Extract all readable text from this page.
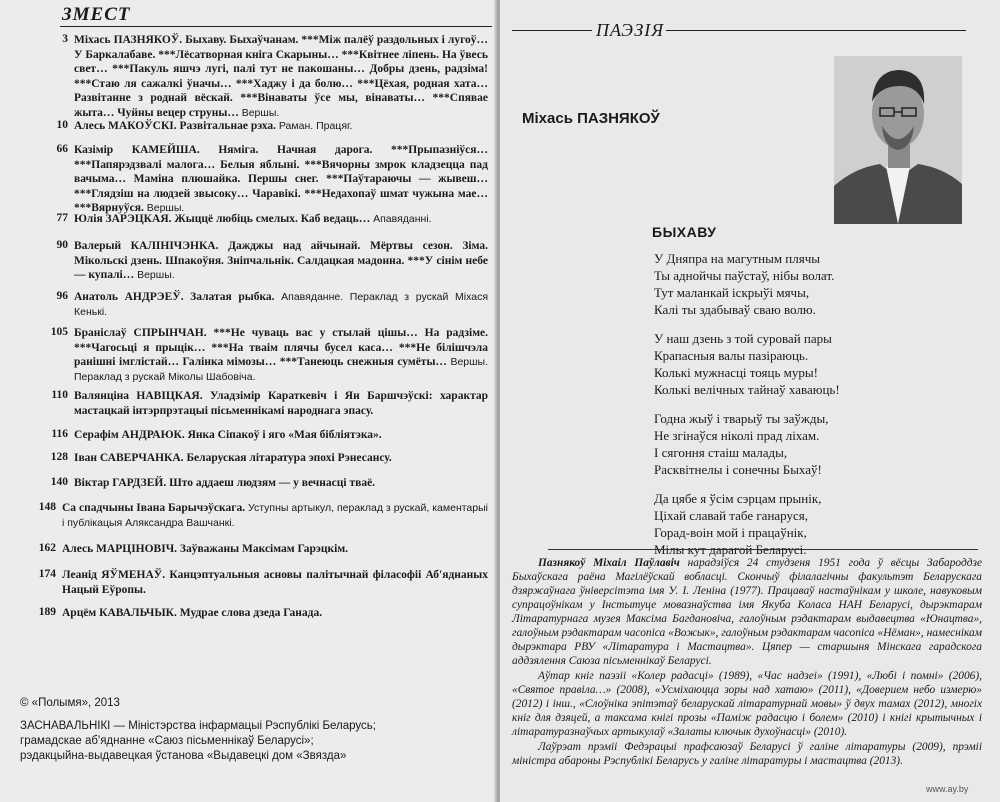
ЗМЕСТ
3 Міхась ПАЗНЯКОЎ. Быхаву. Быхаўчанам. ***Між палёў раздольных і лугоў… У Баркалабаве. ***Лёсатворная кніга Скарыны… ***Квітнее ліпень. На ўвесь свет… ***Пакуль яшчэ лугі, палі тут не пакошаны… Добры дзень, радзіма! ***Стаю ля сажалкі ўначы… ***Хаджу і да болю… ***Цёхая, родная хата… Развітанне з роднай вёскай. ***Вінаваты ўсе мы, вінаваты… ***Спявае жыта… Чуйны вецер струны… Вершы.
10 Алесь МАКОЎСКІ. Развітальнае рэха. Раман. Працяг.
66 Казімір КАМЕЙША. Няміга. Начная дарога. ***Прыпазніўся… ***Папярэдзвалі малога… Белыя яблыні. ***Вячорны змрок кладзецца пад вачыма… Маміна плюшайка. Першы снег. ***Паўтараючы — жывеш… ***Глядзіш на людзей звысоку… Чаравікі. ***Недахопаў шмат чужына мае… ***Вярнуўся. Вершы.
77 Юлія ЗАРЭЦКАЯ. Жыццё любіць смелых. Каб ведаць… Апавяданні.
90 Валерый КАЛІНІЧЭНКА. Дажджы над айчынай. Мёртвы сезон. Зіма. Мікольскі дзень. Шпакоўня. Зніпчальнік. Салдацкая мадонна. ***У сінім небе — купалі… Вершы.
96 Анатоль АНДРЭЕЎ. Залатая рыбка. Апавяданне. Пераклад з рускай Міхася Кенькі.
105 Браніслаў СПРЫНЧАН. ***Не чуваць вас у стылай цішы… На радзіме. ***Чагосьці я прыцік… ***На тваім плячы бусел каса… ***Не білішчэла ранішні імглістай… Галінка мімозы… ***Танеюць снежныя сумёты… Вершы. Пераклад з рускай Міколы Шабовіча.
110 Валянціна НАВІЦКАЯ. Уладзімір Караткевіч і Ян Баршчэўскі: характар мастацкай інтэрпрэтацыі пісьменнікамі народнага эпасу.
116 Серафім АНДРАЮК. Янка Сіпакоў і яго «Мая бібліятэка».
128 Іван САВЕРЧАНКА. Беларуская літаратура эпохі Рэнесансу.
140 Віктар ГАРДЗЕЙ. Што аддаеш людзям — у вечнасці тваё.
148 Са спадчыны Івана Барычэўскага. Уступны артыкул, пераклад з рускай, каментарыі і публікацыя Аляксандра Вашчанкі.
162 Алесь МАРЦІНОВІЧ. Заўважаны Максімам Гарэцкім.
174 Леанід ЯЎМЕНАЎ. Канцэптуальныя асновы палітычнай філасофіі Аб'яднаных Нацый Еўропы.
189 Арцём КАВАЛЬЧЫК. Мудрае слова дзеда Ганада.
© «Полымя», 2013
ЗАСНАВАЛЬНІКІ — Міністэрства інфармацыі Рэспублікі Беларусь;
грамадскае аб'яднанне «Саюз пісьменнікаў Беларусі»;
рэдакцыйна-выдавецкая ўстанова «Выдавецкі дом «Звязда»
ПАЭЗІЯ
Міхась ПАЗНЯКОЎ
БЫХАВУ
У Дняпра на магутным плячы
Ты аднойчы паўстаў, нібы волат.
Тут маланкай іскрыўі мячы,
Калі ты здабываў сваю волю.
У наш дзень з той суровай пары
Крапасныя валы пазіраюць.
Колькі мужнасці тояць муры!
Колькі велічных тайнаў хаваюць!
Годна жыў і тварыў ты заўжды,
Не згінаўся ніколі прад ліхам.
І сягоння стаіш малады,
Расквітнелы і сонечны Быхаў!
Да цябе я ўсім сэрцам прынік,
Ціхай славай табе ганаруся,
Горад-воін мой і працаўнік,
Мілы кут дарагой Беларусі.

Пазнякоў Міхаіл Паўлавіч нарадзіўся 24 студзеня 1951 года ў вёсцы Забароддзе Быхаўскага раёна Магілёўскай вобласці. Скончыў філалагічны факультэт Беларускага дзяржаўнага ўніверсітэта імя У. І. Леніна (1977). Працаваў настаўнікам у школе, навуковым супрацоўнікам у Інстытуце мовазнаўства імя Якуба Коласа НАН Беларусі, дырэктарам Літаратурнага музея Максіма Багдановіча, галоўным рэдактарам выдавецтва «Юнацтва», галоўным рэдактарам часопіса «Вожык», галоўным рэдактарам часопіса «Нёман», намеснікам дырэктара РВУ «Літаратура і Мастацтва». Цяпер — старшыня Мінскага гарадскога аддзялення Саюза пісьменнікаў Беларусі.

Аўтар кніг паэзіі «Колер радасці» (1989), «Час надзеі» (1991), «Любі і помні» (2006), «Святое правіла…» (2008), «Усміхаюцца зоры над хатаю» (2011), «Доверием небо измерю» (2012) і інш., «Слоўніка эпітэтаў беларускай літаратурнай мовы» ў двух тамах (2012), многіх кніг для дзяцей, а таксама кнігі прозы «Паміж радасцю і болем» (2010) і кнігі крытычных і літаратуразнаўчых артыкулаў «Залаты ключык духоўнасці» (2010).

Лаўрэат прэміі Федэрацыі прафсаюзаў Беларусі ў галіне літаратуры (2009), прэміі міністра абароны Рэспублікі Беларусь у галіне літаратуры і мастацтва (2013).

www.ay.by
